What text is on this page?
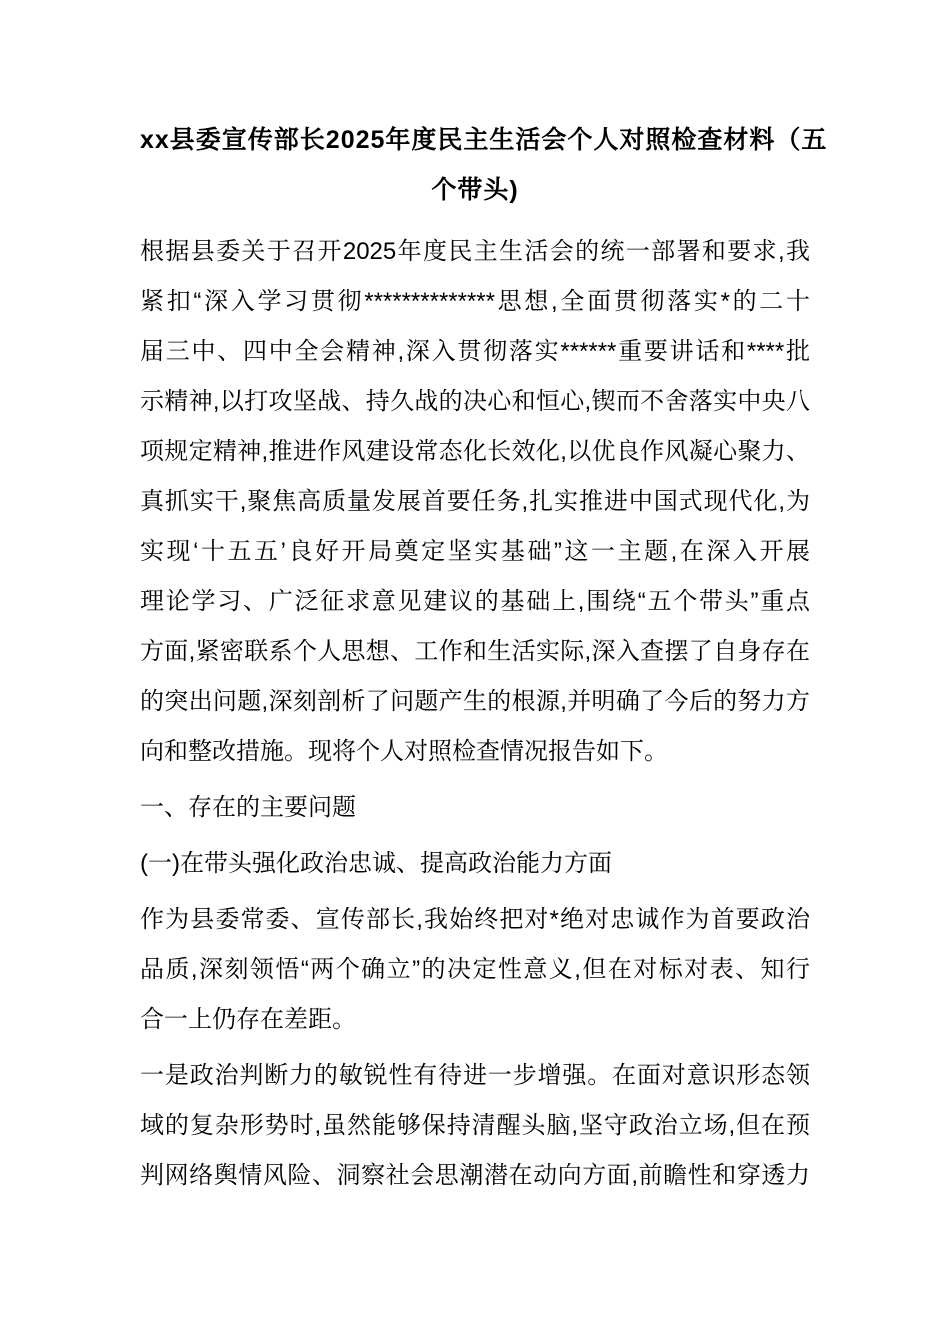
xx县委宣传部长2025年度民主生活会个人对照检查材料（五
个带头)
根据县委关于召开2025年度民主生活会的统一部署和要求,我
紧扣“深入学习贯彻**************思想,全面贯彻落实*的二十
届三中、四中全会精神,深入贯彻落实******重要讲话和****批
示精神,以打攻坚战、持久战的决心和恒心,锲而不舍落实中央八
项规定精神,推进作风建设常态化长效化,以优良作风凝心聚力、
真抓实干,聚焦高质量发展首要任务,扎实推进中国式现代化,为
实现‘十五五’良好开局奠定坚实基础”这一主题,在深入开展
理论学习、广泛征求意见建议的基础上,围绕“五个带头”重点
方面,紧密联系个人思想、工作和生活实际,深入查摆了自身存在
的突出问题,深刻剖析了问题产生的根源,并明确了今后的努力方
向和整改措施。现将个人对照检查情况报告如下。
一、存在的主要问题
(一)在带头强化政治忠诚、提高政治能力方面
作为县委常委、宣传部长,我始终把对*绝对忠诚作为首要政治
品质,深刻领悟“两个确立”的决定性意义,但在对标对表、知行
合一上仍存在差距。
一是政治判断力的敏锐性有待进一步增强。在面对意识形态领
域的复杂形势时,虽然能够保持清醒头脑,坚守政治立场,但在预
判网络舆情风险、洞察社会思潮潜在动向方面,前瞻性和穿透力
